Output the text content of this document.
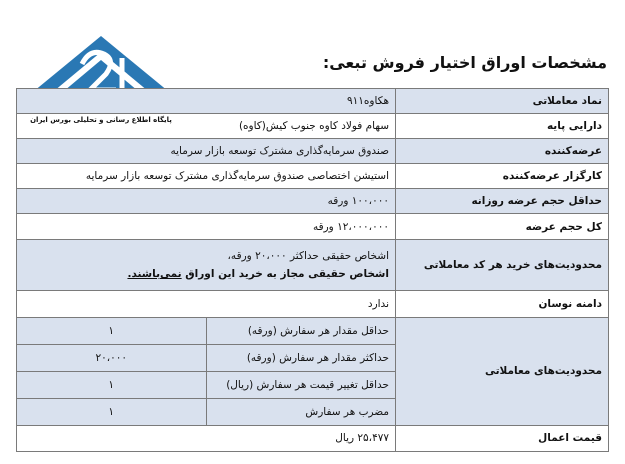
پایگاه اطلاع رسانی و تحلیلی بورس ایران
مشخصات اوراق اختیار فروش تبعی:
نماد معاملاتی	هکاوه۹۱۱	
دارایی پایه	سهام فولاد کاوه جنوب کیش(کاوه)	
عرضه‌کننده	صندوق سرمایه‌گذاری مشترک توسعه بازار سرمایه	
کارگزار عرضه‌کننده	استیشن اختصاصی صندوق سرمایه‌گذاری مشترک توسعه بازار سرمایه	
حداقل حجم عرضه روزانه	۱۰۰،۰۰۰ ورقه	
کل حجم عرضه	۱۲،۰۰۰،۰۰۰ ورقه	
محدودیت‌های خرید هر کد معاملاتی	اشخاص حقیقی حداکثر ۲۰،۰۰۰ ورقه،
اشخاص حقیقی مجاز به خرید این اوراق نمی‌باشند.	

دامنه نوسان	ندارد	
محدودیت‌های معاملاتی	حداقل مقدار هر سفارش (ورقه)	۱
	حداکثر مقدار هر سفارش (ورقه)	۲۰،۰۰۰
	حداقل تغییر قیمت هر سفارش (ریال)	۱
	مضرب هر سفارش	۱
قیمت اعمال	۲۵،۴۷۷ ریال	
